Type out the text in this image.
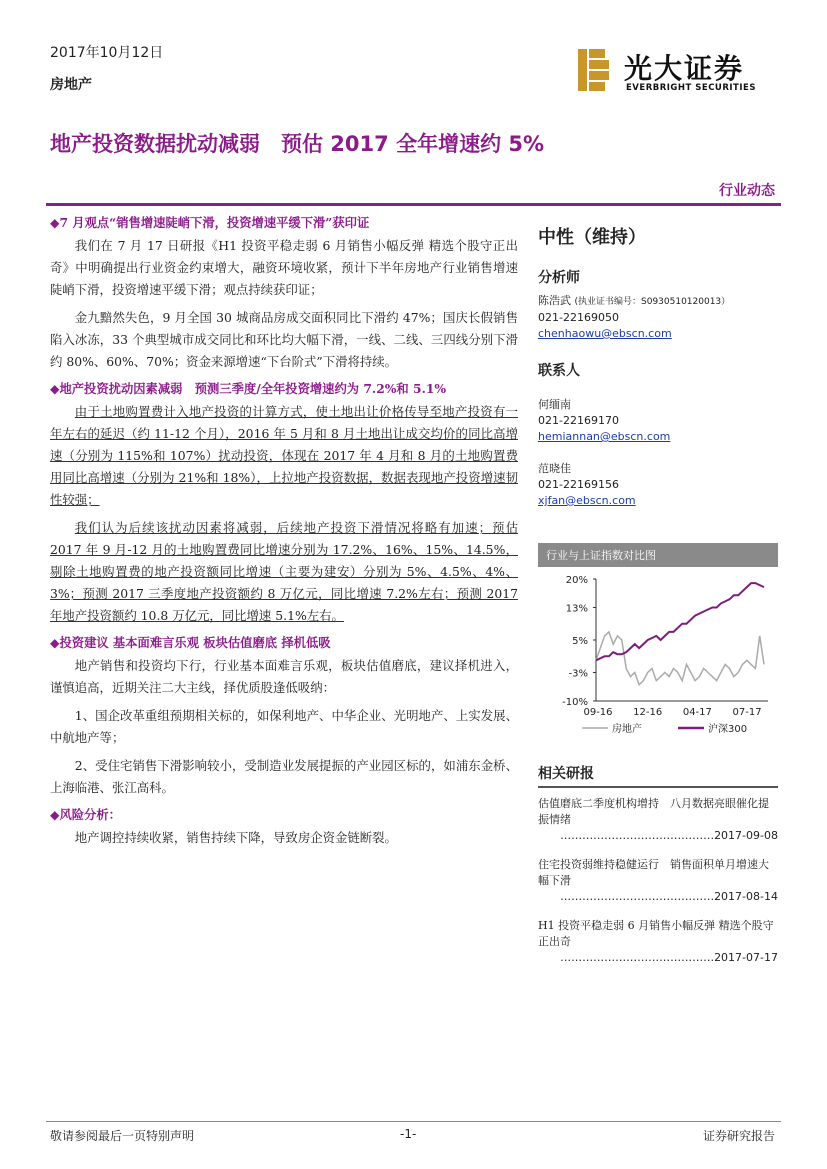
2017年10月12日
房地产	光大证券
EVERBRIGHT SECURITIES
地产投资数据扰动减弱　预估 2017 全年增速约 5%
行业动态
◆7 月观点“销售增速陡峭下滑，投资增速平缓下滑”获印证

我们在 7 月 17 日研报《H1 投资平稳走弱 6 月销售小幅反弹 精选个股守正出奇》中明确提出行业资金约束增大，融资环境收紧，预计下半年房地产行业销售增速陡峭下滑，投资增速平缓下滑；观点持续获印证；

金九黯然失色，9 月全国 30 城商品房成交面积同比下滑约 47%；国庆长假销售陷入冰冻，33 个典型城市成交同比和环比均大幅下滑，一线、二线、三四线分别下滑约 80%、60%、70%；资金来源增速“下台阶式”下滑将持续。

◆地产投资扰动因素减弱　预测三季度/全年投资增速约为 7.2%和 5.1%

由于土地购置费计入地产投资的计算方式，使土地出让价格传导至地产投资有一年左右的延迟（约 11-12 个月），2016 年 5 月和 8 月土地出让成交均价的同比高增速（分别为 115%和 107%）扰动投资，体现在 2017 年 4 月和 8 月的土地购置费用同比高增速（分别为 21%和 18%），上拉地产投资数据，数据表现地产投资增速韧性较强；

我们认为后续该扰动因素将减弱，后续地产投资下滑情况将略有加速；预估 2017 年 9 月-12 月的土地购置费同比增速分别为 17.2%、16%、15%、14.5%，剔除土地购置费的地产投资额同比增速（主要为建安）分别为 5%、4.5%、4%、3%；预测 2017 三季度地产投资额约 8 万亿元，同比增速 7.2%左右；预测 2017 年地产投资额约 10.8 万亿元，同比增速 5.1%左右。

◆投资建议 基本面难言乐观 板块估值磨底 择机低吸

地产销售和投资均下行，行业基本面难言乐观，板块估值磨底，建议择机进入，谨慎追高，近期关注二大主线，择优质股逢低吸纳：

1、国企改革重组预期相关标的，如保利地产、中华企业、光明地产、上实发展、中航地产等；

2、受住宅销售下滑影响较小，受制造业发展提振的产业园区标的，如浦东金桥、上海临港、张江高科。

◆风险分析：

地产调控持续收紧，销售持续下降，导致房企资金链断裂。

中性（维持）
分析师
陈浩武 (执业证书编号：S0930510120013）
021-22169050
chenhaowu@ebscn.com
联系人
何缅南
021-22169170
hemiannan@ebscn.com
范晓佳
021-22169156
xjfan@ebscn.com
行业与上证指数对比图
20%
13%
5%
-3%
-10%
09-16 12-16 04-17 07-17
房地产	沪深300
相关研报
估值磨底二季度机构增持　八月数据亮眼催化提振情绪
……………………………………2017-09-08
住宅投资弱维持稳健运行　销售面积单月增速大幅下滑
……………………………………2017-08-14
H1 投资平稳走弱 6 月销售小幅反弹 精选个股守正出奇
……………………………………2017-07-17
敬请参阅最后一页特别声明	-1-	证券研究报告
